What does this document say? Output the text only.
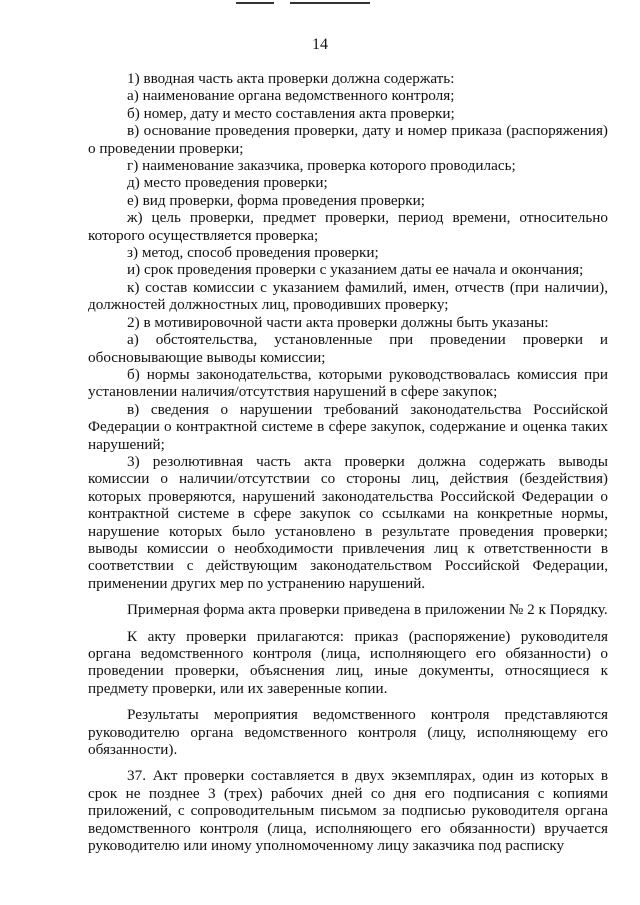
14

1) вводная часть акта проверки должна содержать:

а) наименование органа ведомственного контроля;

б) номер, дату и место составления акта проверки;

в) основание проведения проверки, дату и номер приказа (распоряжения) о проведении проверки;

г) наименование заказчика, проверка которого проводилась;

д) место проведения проверки;

е) вид проверки, форма проведения проверки;

ж) цель проверки, предмет проверки, период времени, относительно которого осуществляется проверка;

з) метод, способ проведения проверки;

и) срок проведения проверки с указанием даты ее начала и окончания;

к) состав комиссии с указанием фамилий, имен, отчеств (при наличии), должностей должностных лиц, проводивших проверку;

2) в мотивировочной части акта проверки должны быть указаны:

а) обстоятельства, установленные при проведении проверки и обосновывающие выводы комиссии;

б) нормы законодательства, которыми руководствовалась комиссия при установлении наличия/отсутствия нарушений в сфере закупок;

в) сведения о нарушении требований законодательства Российской Федерации о контрактной системе в сфере закупок, содержание и оценка таких нарушений;

3) резолютивная часть акта проверки должна содержать выводы комиссии о наличии/отсутствии со стороны лиц, действия (бездействия) которых проверяются, нарушений законодательства Российской Федерации о контрактной системе в сфере закупок со ссылками на конкретные нормы, нарушение которых было установлено в результате проведения проверки; выводы комиссии о необходимости привлечения лиц к ответственности в соответствии с действующим законодательством Российской Федерации, применении других мер по устранению нарушений.

Примерная форма акта проверки приведена в приложении № 2 к Порядку.

К акту проверки прилагаются: приказ (распоряжение) руководителя органа ведомственного контроля (лица, исполняющего его обязанности) о проведении проверки, объяснения лиц, иные документы, относящиеся к предмету проверки, или их заверенные копии.

Результаты мероприятия ведомственного контроля представляются руководителю органа ведомственного контроля (лицу, исполняющему его обязанности).

37. Акт проверки составляется в двух экземплярах, один из которых в срок не позднее 3 (трех) рабочих дней со дня его подписания с копиями приложений, с сопроводительным письмом за подписью руководителя органа ведомственного контроля (лица, исполняющего его обязанности) вручается руководителю или иному уполномоченному лицу заказчика под расписку
